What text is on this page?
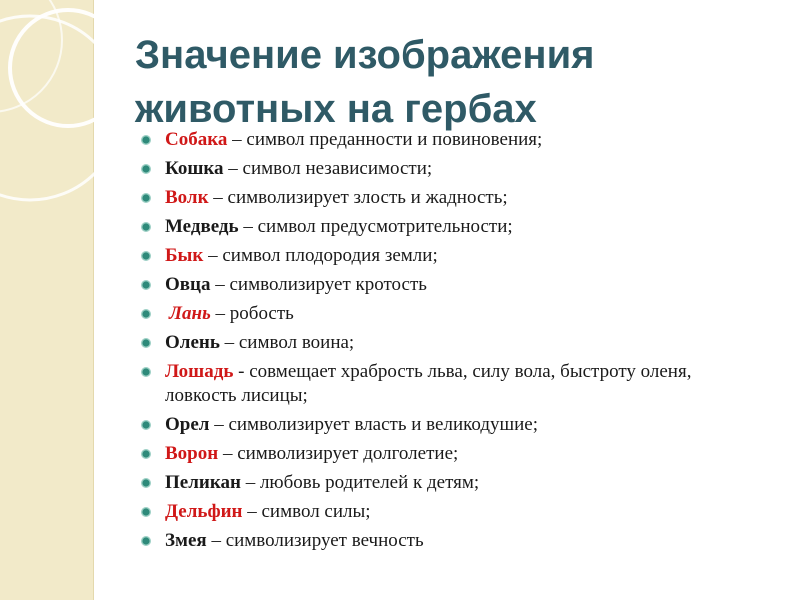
Значение изображения
животных на гербах
Собака – символ преданности и повиновения;
Кошка – символ независимости;
Волк – символизирует злость и жадность;
Медведь – символ предусмотрительности;
Бык – символ плодородия земли;
Овца – символизирует кротость
Лань – робость
Олень – символ воина;
Лошадь - совмещает храбрость льва, силу вола, быстроту оленя, ловкость лисицы;
Орел – символизирует власть и великодушие;
Ворон – символизирует долголетие;
Пеликан – любовь родителей к детям;
Дельфин – символ силы;
Змея – символизирует вечность
